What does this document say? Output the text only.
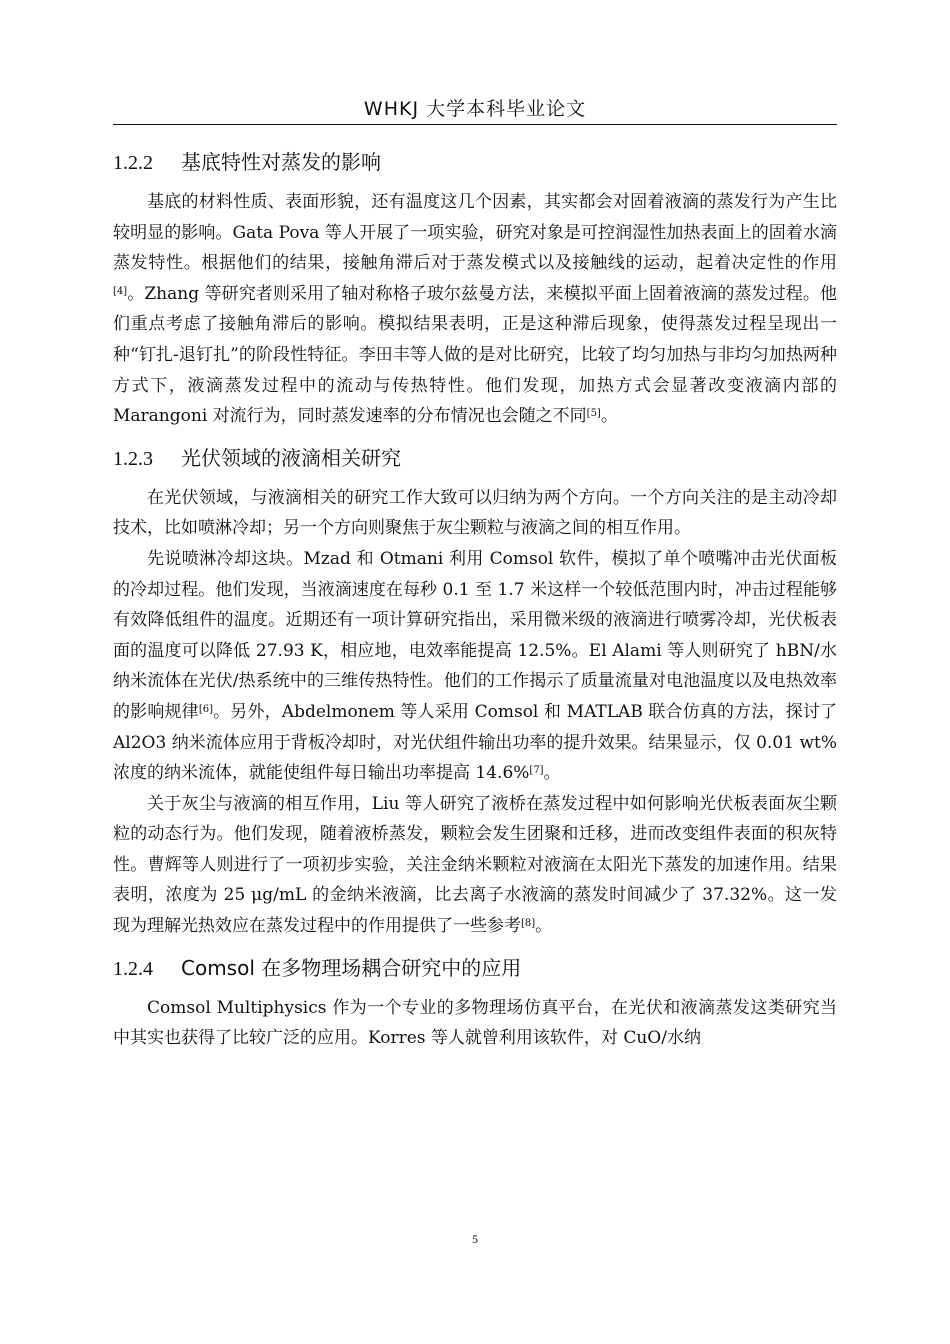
WHKJ 大学本科毕业论文
1.2.2 基底特性对蒸发的影响

基底的材料性质、表面形貌，还有温度这几个因素，其实都会对固着液滴的蒸发行为产生比较明显的影响。Gata Pova 等人开展了一项实验，研究对象是可控润湿性加热表面上的固着水滴蒸发特性。根据他们的结果，接触角滞后对于蒸发模式以及接触线的运动，起着决定性的作用[4]。Zhang 等研究者则采用了轴对称格子玻尔兹曼方法，来模拟平面上固着液滴的蒸发过程。他们重点考虑了接触角滞后的影响。模拟结果表明，正是这种滞后现象，使得蒸发过程呈现出一种“钉扎-退钉扎”的阶段性特征。李田丰等人做的是对比研究，比较了均匀加热与非均匀加热两种方式下，液滴蒸发过程中的流动与传热特性。他们发现，加热方式会显著改变液滴内部的 Marangoni 对流行为，同时蒸发速率的分布情况也会随之不同[5]。

1.2.3 光伏领域的液滴相关研究

在光伏领域，与液滴相关的研究工作大致可以归纳为两个方向。一个方向关注的是主动冷却技术，比如喷淋冷却；另一个方向则聚焦于灰尘颗粒与液滴之间的相互作用。

先说喷淋冷却这块。Mzad 和 Otmani 利用 Comsol 软件，模拟了单个喷嘴冲击光伏面板的冷却过程。他们发现，当液滴速度在每秒 0.1 至 1.7 米这样一个较低范围内时，冲击过程能够有效降低组件的温度。近期还有一项计算研究指出，采用微米级的液滴进行喷雾冷却，光伏板表面的温度可以降低 27.93 K，相应地，电效率能提高 12.5%。El Alami 等人则研究了 hBN/水纳米流体在光伏/热系统中的三维传热特性。他们的工作揭示了质量流量对电池温度以及电热效率的影响规律[6]。另外，Abdelmonem 等人采用 Comsol 和 MATLAB 联合仿真的方法，探讨了 Al2O3 纳米流体应用于背板冷却时，对光伏组件输出功率的提升效果。结果显示，仅 0.01 wt%浓度的纳米流体，就能使组件每日输出功率提高 14.6%[7]。

关于灰尘与液滴的相互作用，Liu 等人研究了液桥在蒸发过程中如何影响光伏板表面灰尘颗粒的动态行为。他们发现，随着液桥蒸发，颗粒会发生团聚和迁移，进而改变组件表面的积灰特性。曹辉等人则进行了一项初步实验，关注金纳米颗粒对液滴在太阳光下蒸发的加速作用。结果表明，浓度为 25 μg/mL 的金纳米液滴，比去离子水液滴的蒸发时间减少了 37.32%。这一发现为理解光热效应在蒸发过程中的作用提供了一些参考[8]。

1.2.4 Comsol 在多物理场耦合研究中的应用

Comsol Multiphysics 作为一个专业的多物理场仿真平台，在光伏和液滴蒸发这类研究当中其实也获得了比较广泛的应用。Korres 等人就曾利用该软件，对 CuO/水纳

5
